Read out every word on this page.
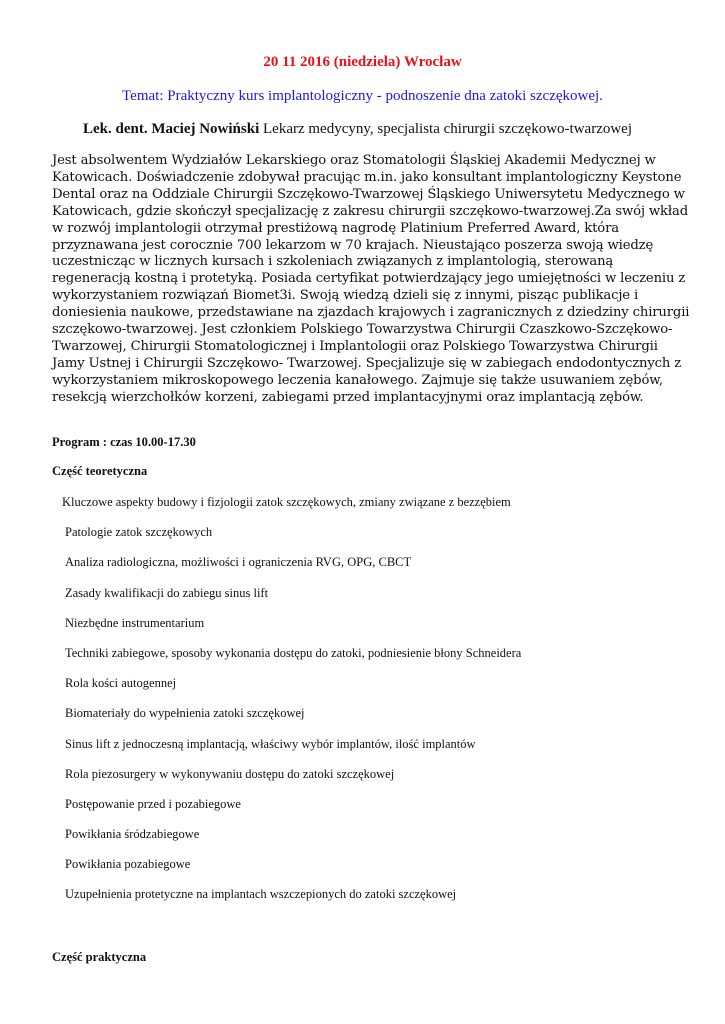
20 11 2016 (niedziela) Wrocław
Temat: Praktyczny kurs implantologiczny - podnoszenie dna zatoki szczękowej.
Lek. dent. Maciej Nowiński Lekarz medycyny, specjalista chirurgii szczękowo-twarzowej
Jest absolwentem Wydziałów Lekarskiego oraz Stomatologii Śląskiej Akademii Medycznej w Katowicach. Doświadczenie zdobywał pracując m.in. jako konsultant implantologiczny Keystone Dental oraz na Oddziale Chirurgii Szczękowo-Twarzowej Śląskiego Uniwersytetu Medycznego w Katowicach, gdzie skończył specjalizację z zakresu chirurgii szczękowo-twarzowej.Za swój wkład w rozwój implantologii otrzymał prestiżową nagrodę Platinium Preferred Award, która przyznawana jest corocznie 700 lekarzom w 70 krajach. Nieustająco poszerza swoją wiedzę uczestnicząc w licznych kursach i szkoleniach związanych z implantologią, sterowaną regeneracją kostną i protetyką. Posiada certyfikat potwierdzający jego umiejętności w leczeniu z wykorzystaniem rozwiązań Biomet3i. Swoją wiedzą dzieli się z innymi, pisząc publikacje i doniesienia naukowe, przedstawiane na zjazdach krajowych i zagranicznych z dziedziny chirurgii szczękowo-twarzowej. Jest członkiem Polskiego Towarzystwa Chirurgii Czaszkowo-Szczękowo-Twarzowej, Chirurgii Stomatologicznej i Implantologii oraz Polskiego Towarzystwa Chirurgii Jamy Ustnej i Chirurgii Szczękowo- Twarzowej. Specjalizuje się w zabiegach endodontycznych z wykorzystaniem mikroskopowego leczenia kanałowego. Zajmuje się także usuwaniem zębów, resekcją wierzchołków korzeni, zabiegami przed implantacyjnymi oraz implantacją zębów.
Program : czas 10.00-17.30
Część teoretyczna
Kluczowe aspekty budowy i fizjologii zatok szczękowych, zmiany związane z bezzębiem
Patologie zatok szczękowych
Analiza radiologiczna, możliwości i ograniczenia RVG, OPG, CBCT
Zasady kwalifikacji do zabiegu sinus lift
Niezbędne instrumentarium
Techniki zabiegowe, sposoby wykonania dostępu do zatoki, podniesienie błony Schneidera
Rola kości autogennej
Biomateriały do wypełnienia zatoki szczękowej
Sinus lift z jednoczesną implantacją, właściwy wybór implantów, ilość implantów
Rola piezosurgery w wykonywaniu dostępu do zatoki szczękowej
Postępowanie przed i pozabiegowe
Powikłania śródzabiegowe
Powikłania pozabiegowe
Uzupełnienia protetyczne na implantach wszczepionych do zatoki szczękowej
Część praktyczna
